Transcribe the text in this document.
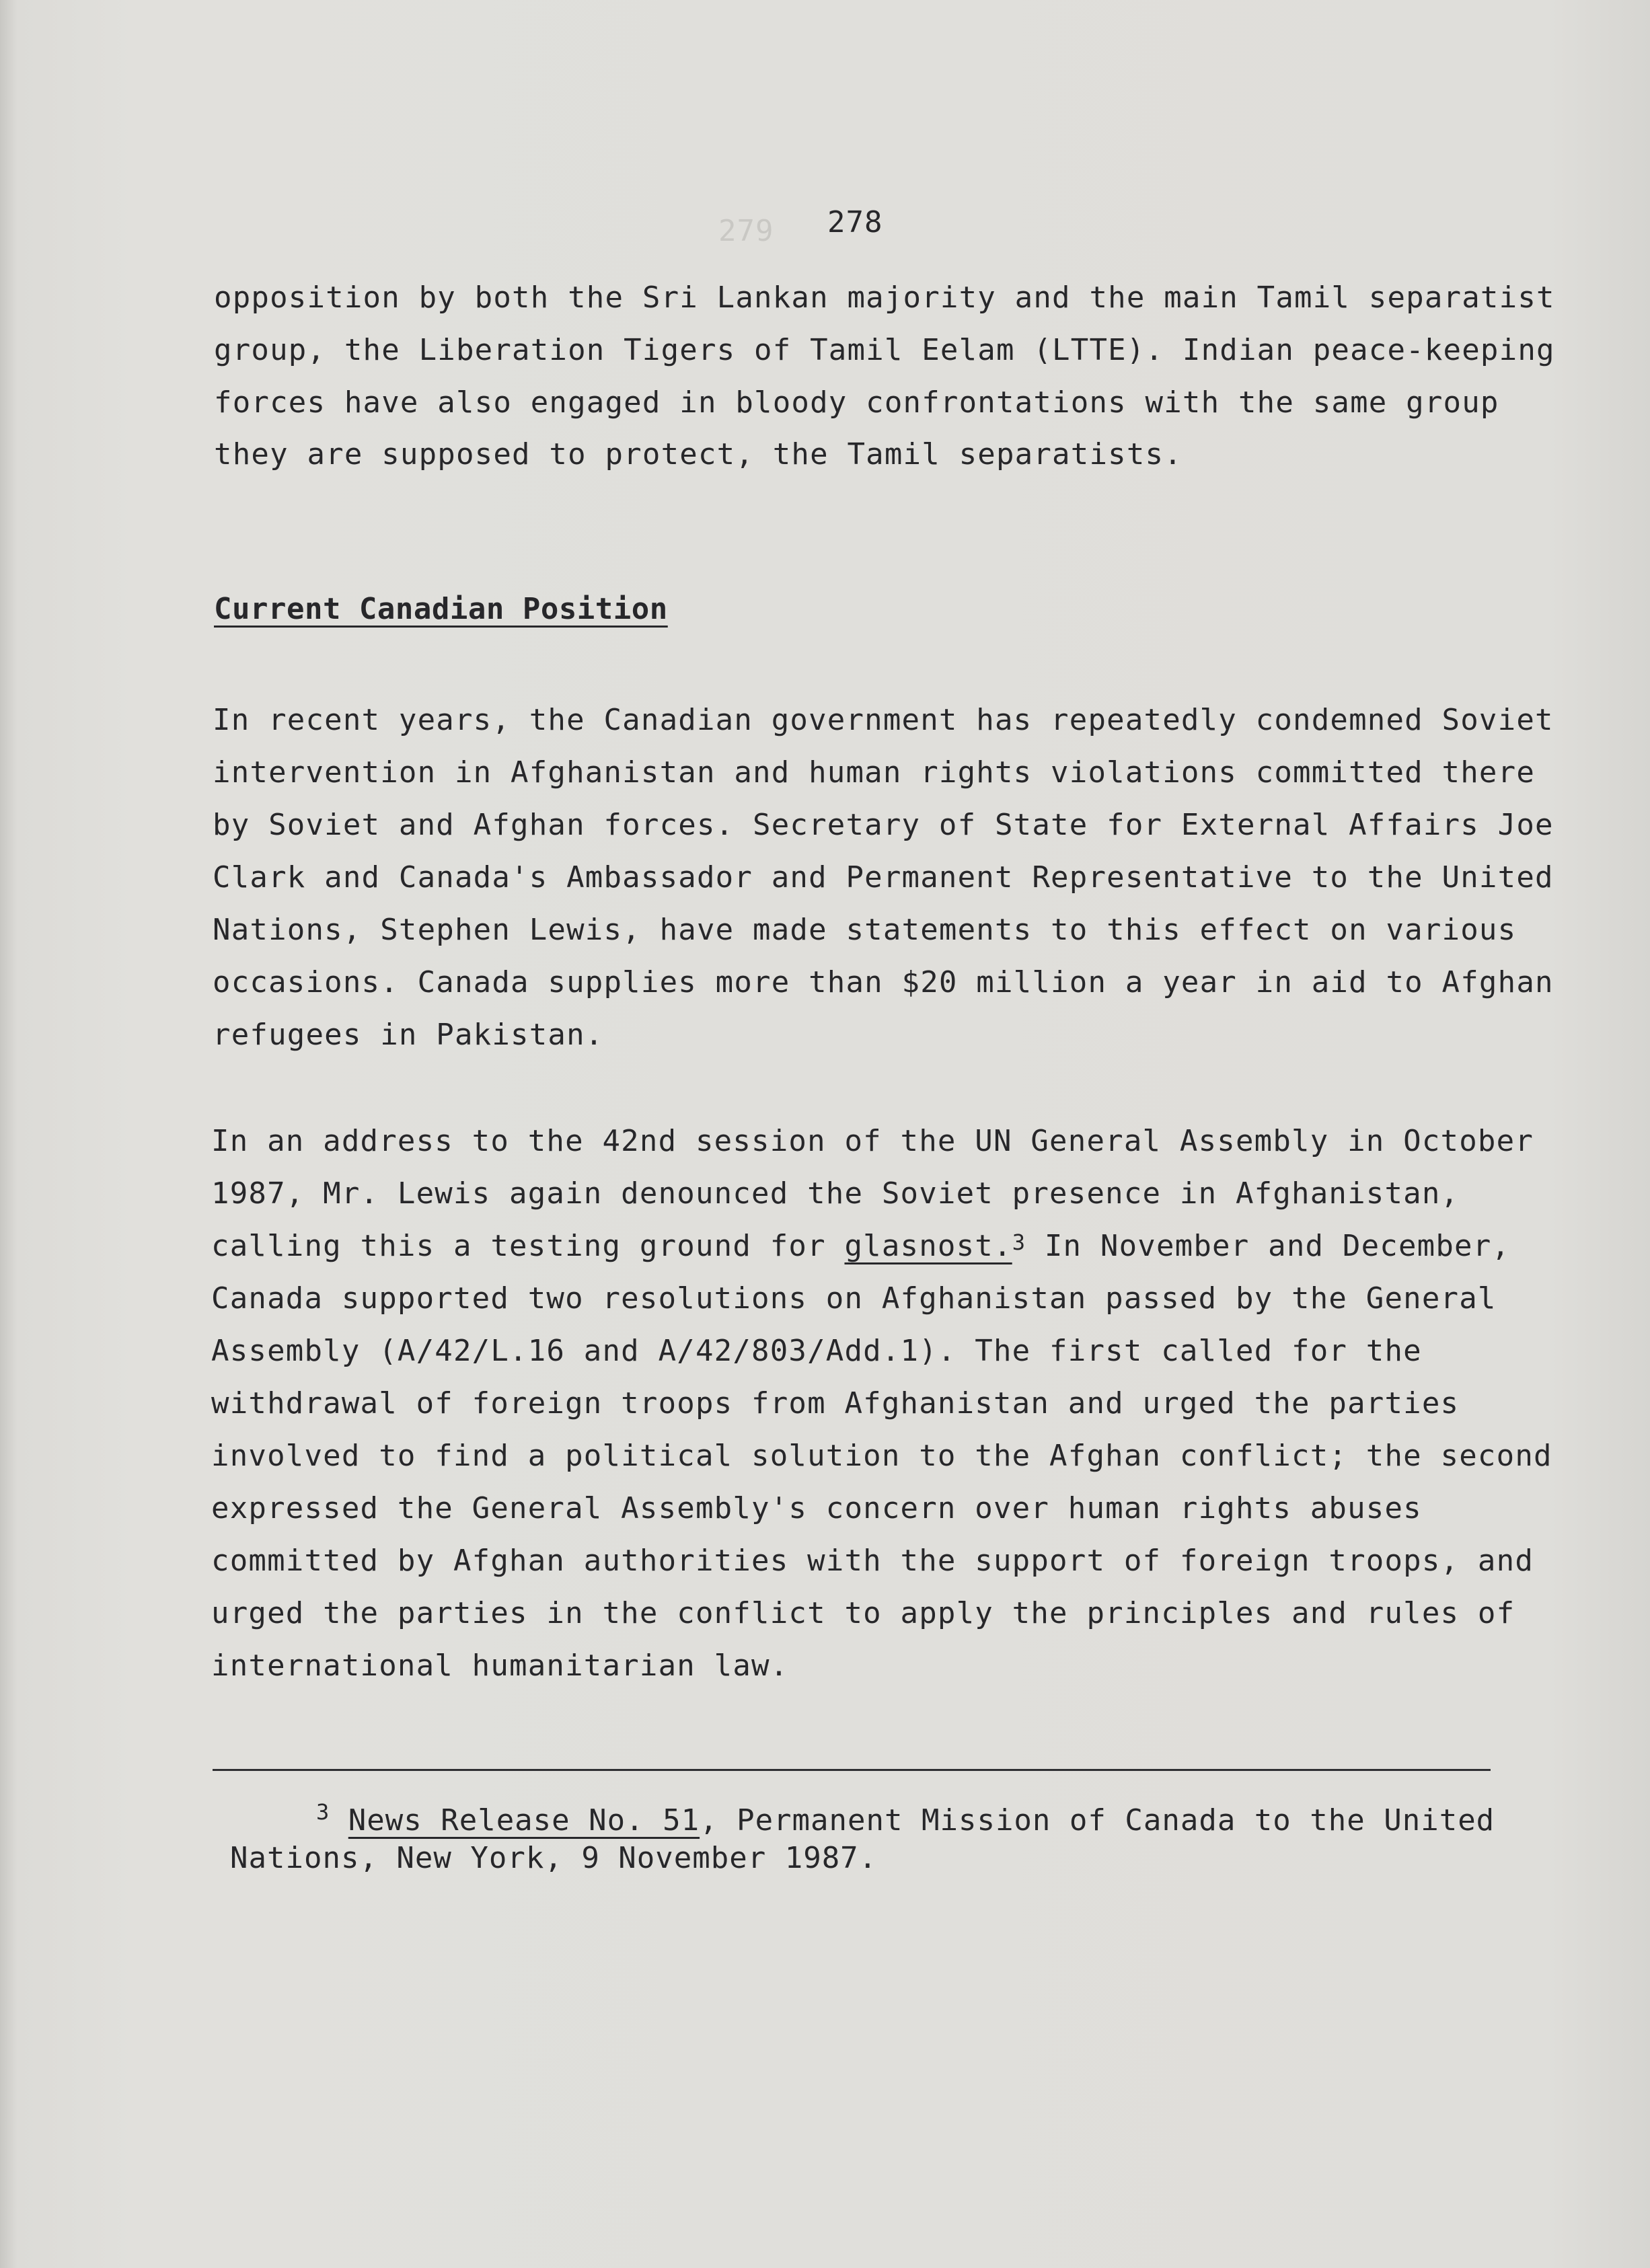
279 278
opposition by both the Sri Lankan majority and the main Tamil separatist
group, the Liberation Tigers of Tamil Eelam (LTTE). Indian peace-keeping
forces have also engaged in bloody confrontations with the same group
they are supposed to protect, the Tamil separatists.
Current Canadian Position
In recent years, the Canadian government has repeatedly condemned Soviet
intervention in Afghanistan and human rights violations committed there
by Soviet and Afghan forces. Secretary of State for External Affairs Joe
Clark and Canada's Ambassador and Permanent Representative to the United
Nations, Stephen Lewis, have made statements to this effect on various
occasions. Canada supplies more than $20 million a year in aid to Afghan
refugees in Pakistan.
In an address to the 42nd session of the UN General Assembly in October
1987, Mr. Lewis again denounced the Soviet presence in Afghanistan,
calling this a testing ground for glasnost.$^3$ In November and December,
Canada supported two resolutions on Afghanistan passed by the General
Assembly (A/42/L.16 and A/42/803/Add.1). The first called for the
withdrawal of foreign troops from Afghanistan and urged the parties
involved to find a political solution to the Afghan conflict; the second
expressed the General Assembly's concern over human rights abuses
committed by Afghan authorities with the support of foreign troops, and
urged the parties in the conflict to apply the principles and rules of
international humanitarian law.
$^3$ News Release No. 51, Permanent Mission of Canada to the United
Nations, New York, 9 November 1987.
